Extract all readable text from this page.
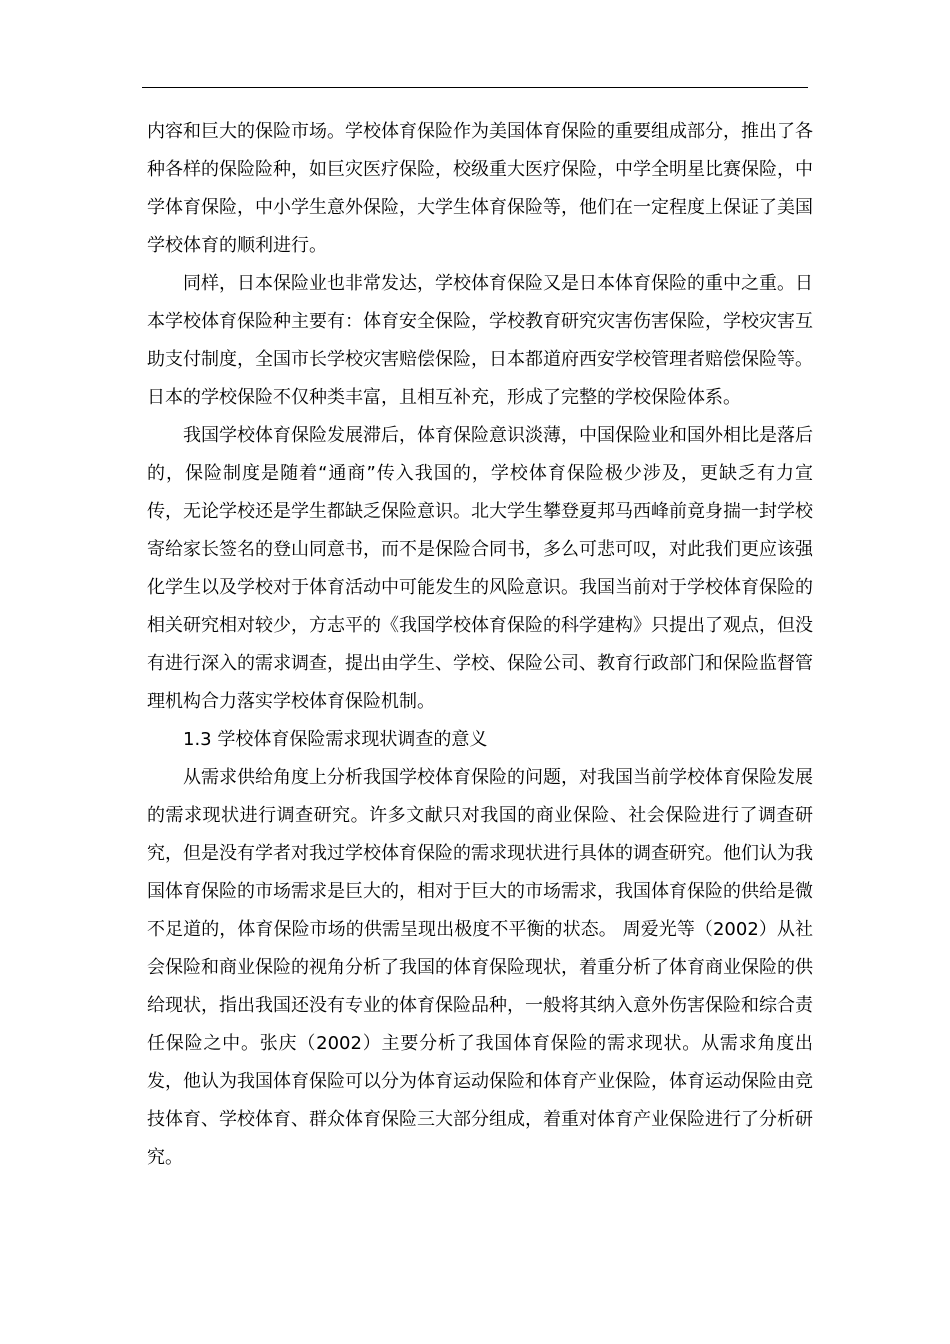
内容和巨大的保险市场。学校体育保险作为美国体育保险的重要组成部分，推出了各种各样的保险险种，如巨灾医疗保险，校级重大医疗保险，中学全明星比赛保险，中学体育保险，中小学生意外保险，大学生体育保险等，他们在一定程度上保证了美国学校体育的顺利进行。

同样，日本保险业也非常发达，学校体育保险又是日本体育保险的重中之重。日本学校体育保险种主要有：体育安全保险，学校教育研究灾害伤害保险，学校灾害互助支付制度，全国市长学校灾害赔偿保险，日本都道府西安学校管理者赔偿保险等。日本的学校保险不仅种类丰富，且相互补充，形成了完整的学校保险体系。

我国学校体育保险发展滞后，体育保险意识淡薄，中国保险业和国外相比是落后的，保险制度是随着“通商”传入我国的，学校体育保险极少涉及，更缺乏有力宣传，无论学校还是学生都缺乏保险意识。北大学生攀登夏邦马西峰前竟身揣一封学校寄给家长签名的登山同意书，而不是保险合同书，多么可悲可叹，对此我们更应该强化学生以及学校对于体育活动中可能发生的风险意识。我国当前对于学校体育保险的相关研究相对较少，方志平的《我国学校体育保险的科学建构》只提出了观点，但没有进行深入的需求调查，提出由学生、学校、保险公司、教育行政部门和保险监督管理机构合力落实学校体育保险机制。

1.3 学校体育保险需求现状调查的意义

从需求供给角度上分析我国学校体育保险的问题，对我国当前学校体育保险发展的需求现状进行调查研究。许多文献只对我国的商业保险、社会保险进行了调查研究，但是没有学者对我过学校体育保险的需求现状进行具体的调查研究。他们认为我国体育保险的市场需求是巨大的，相对于巨大的市场需求，我国体育保险的供给是微不足道的，体育保险市场的供需呈现出极度不平衡的状态。 周爱光等（2002）从社会保险和商业保险的视角分析了我国的体育保险现状，着重分析了体育商业保险的供给现状，指出我国还没有专业的体育保险品种，一般将其纳入意外伤害保险和综合责任保险之中。张庆（2002）主要分析了我国体育保险的需求现状。从需求角度出发，他认为我国体育保险可以分为体育运动保险和体育产业保险，体育运动保险由竞技体育、学校体育、群众体育保险三大部分组成，着重对体育产业保险进行了分析研究。
